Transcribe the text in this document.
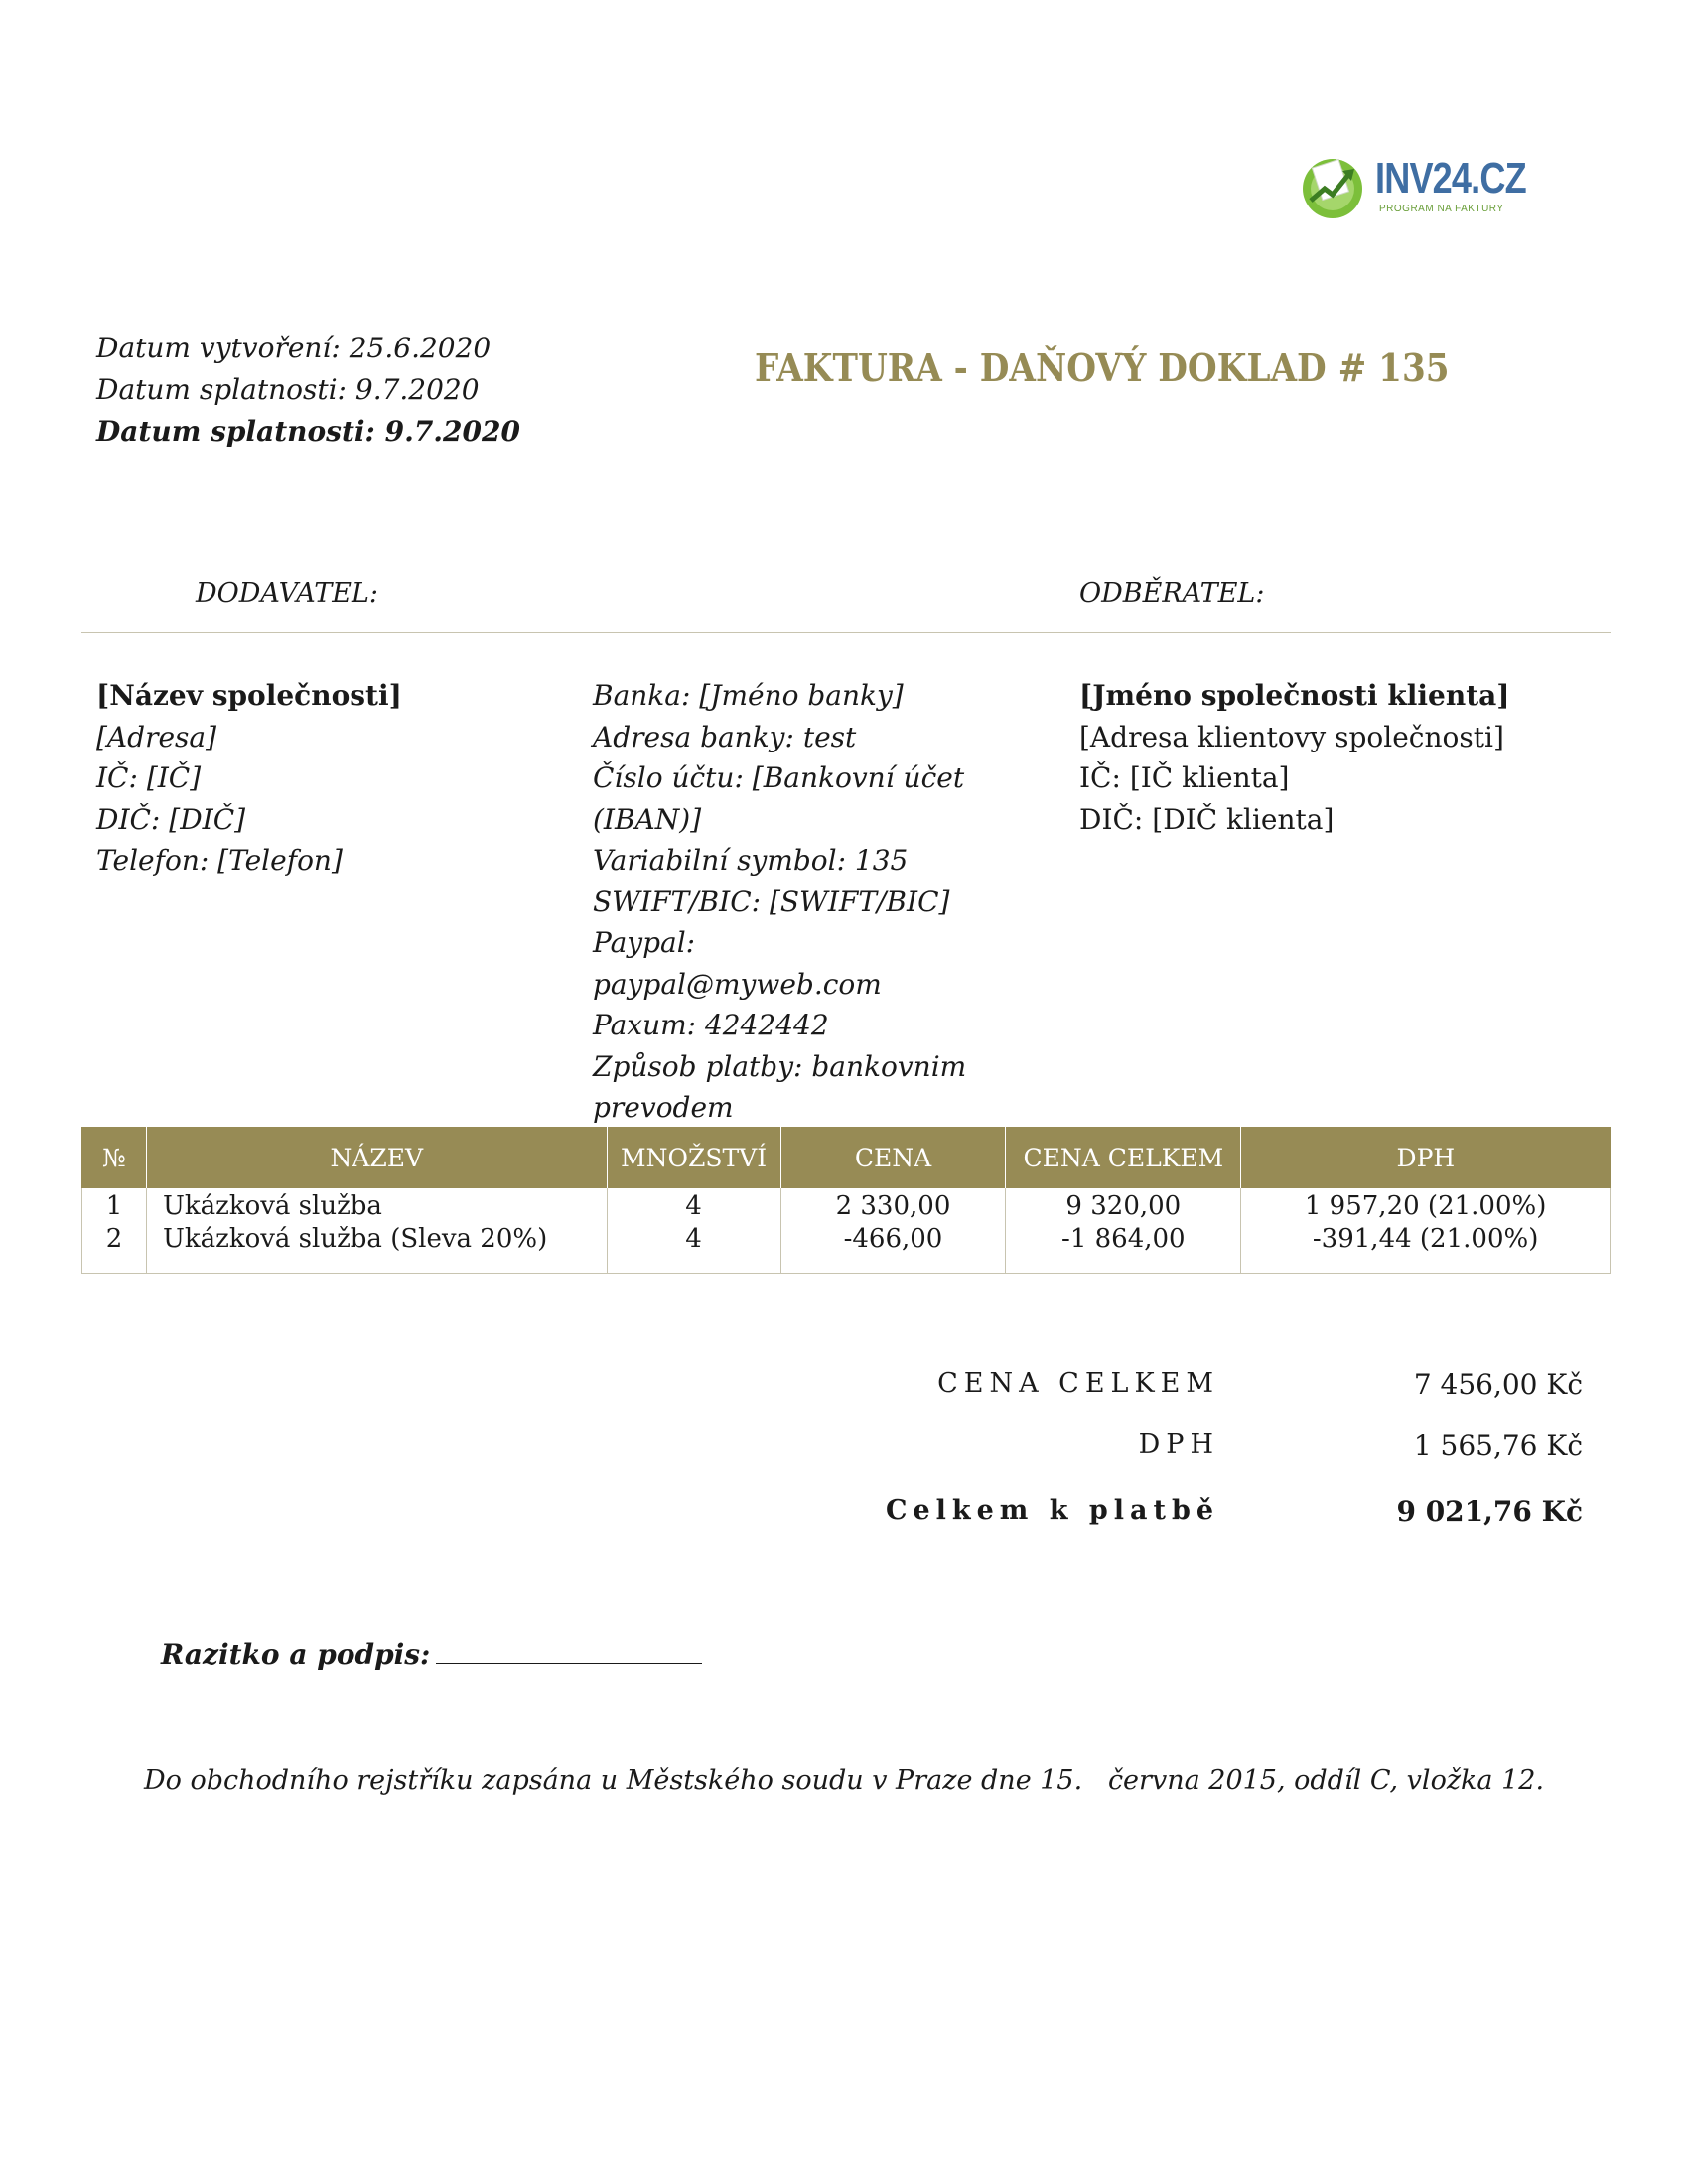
INV24.CZ
PROGRAM NA FAKTURY
Datum vytvoření: 25.6.2020
Datum splatnosti: 9.7.2020
Datum splatnosti: 9.7.2020
FAKTURA - DAŇOVÝ DOKLAD # 135
DODAVATEL:	ODBĚRATEL:
[Název společnosti]
[Adresa]
IČ: [IČ]
DIČ: [DIČ]
Telefon: [Telefon]
Banka: [Jméno banky]
Adresa banky: test
Číslo účtu: [Bankovní účet
(IBAN)]
Variabilní symbol: 135
SWIFT/BIC: [SWIFT/BIC]
Paypal: paypal@myweb.com
Paxum: 4242442
Způsob platby: bankovnim
prevodem
[Jméno společnosti klienta]
[Adresa klientovy společnosti]
IČ: [IČ klienta]
DIČ: [DIČ klienta]
№	NÁZEV	MNOŽSTVÍ	CENA	CENA CELKEM	DPH
1	Ukázková služba	4	2 330,00	9 320,00	1 957,20 (21.00%)
2	Ukázková služba (Sleva 20%)	4	-466,00	-1 864,00	-391,44 (21.00%)
CENA CELKEM	7 456,00 Kč
DPH	1 565,76 Kč
Celkem k platbě	9 021,76 Kč
Razitko a podpis:
Do obchodního rejstříku zapsána u Městského soudu v Praze dne 15.   června 2015, oddíl C, vložka 12.
